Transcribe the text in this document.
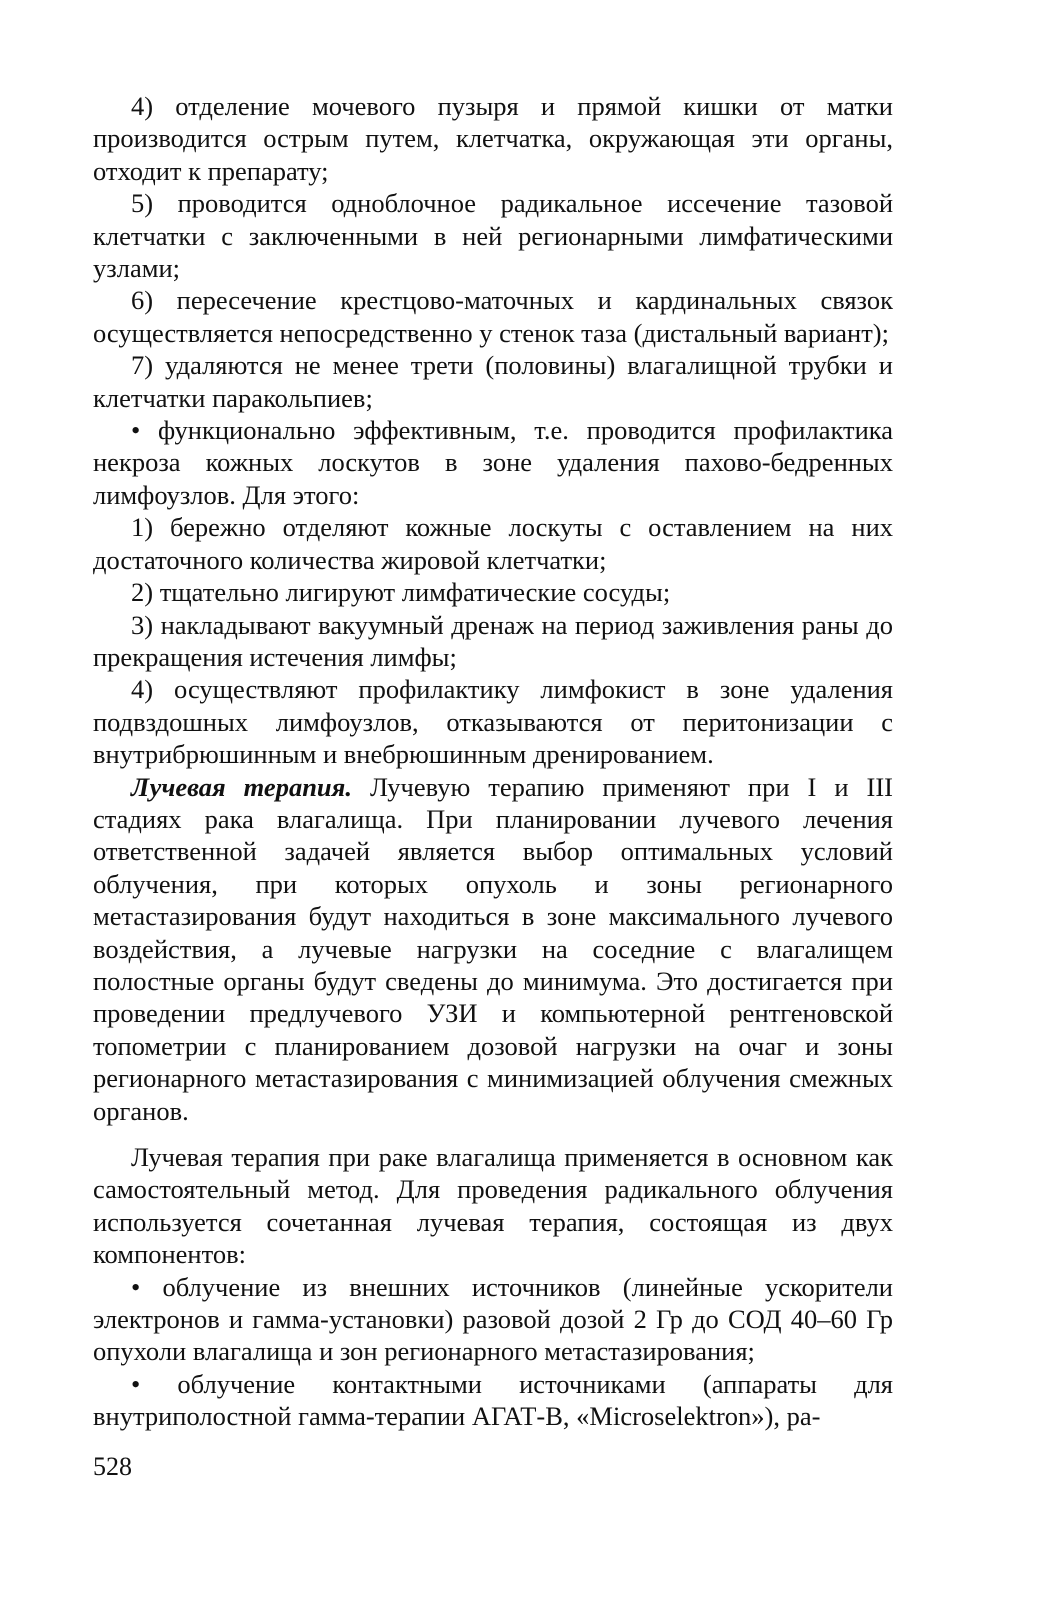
4) отделение мочевого пузыря и прямой кишки от матки производится острым путем, клетчатка, окружающая эти органы, отходит к препарату;

5) проводится одноблочное радикальное иссечение тазовой клетчатки с заключенными в ней регионарными лимфатическими узлами;

6) пересечение крестцово-маточных и кардинальных связок осуществляется непосредственно у стенок таза (дистальный вариант);

7) удаляются не менее трети (половины) влагалищной трубки и клетчатки паракольпиев;

• функционально эффективным, т.е. проводится профилактика некроза кожных лоскутов в зоне удаления пахово-бедренных лимфоузлов. Для этого:

1) бережно отделяют кожные лоскуты с оставлением на них достаточного количества жировой клетчатки;

2) тщательно лигируют лимфатические сосуды;

3) накладывают вакуумный дренаж на период заживления раны до прекращения истечения лимфы;

4) осуществляют профилактику лимфокист в зоне удаления подвздошных лимфоузлов, отказываются от перитонизации с внутрибрюшинным и внебрюшинным дренированием.

Лучевая терапия. Лучевую терапию применяют при I и III стадиях рака влагалища. При планировании лучевого лечения ответственной задачей является выбор оптимальных условий облучения, при которых опухоль и зоны регионарного метастазирования будут находиться в зоне максимального лучевого воздействия, а лучевые нагрузки на соседние с влагалищем полостные органы будут сведены до минимума. Это достигается при проведении предлучевого УЗИ и компьютерной рентгеновской топометрии с планированием дозовой нагрузки на очаг и зоны регионарного метастазирования с минимизацией облучения смежных органов.

Лучевая терапия при раке влагалища применяется в основном как самостоятельный метод. Для проведения радикального облучения используется сочетанная лучевая терапия, состоящая из двух компонентов:

• облучение из внешних источников (линейные ускорители электронов и гамма-установки) разовой дозой 2 Гр до СОД 40–60 Гр опухоли влагалища и зон регионарного метастазирования;

• облучение контактными источниками (аппараты для внутриполостной гамма-терапии АГАТ-В, «Microselektron»), ра-

528
